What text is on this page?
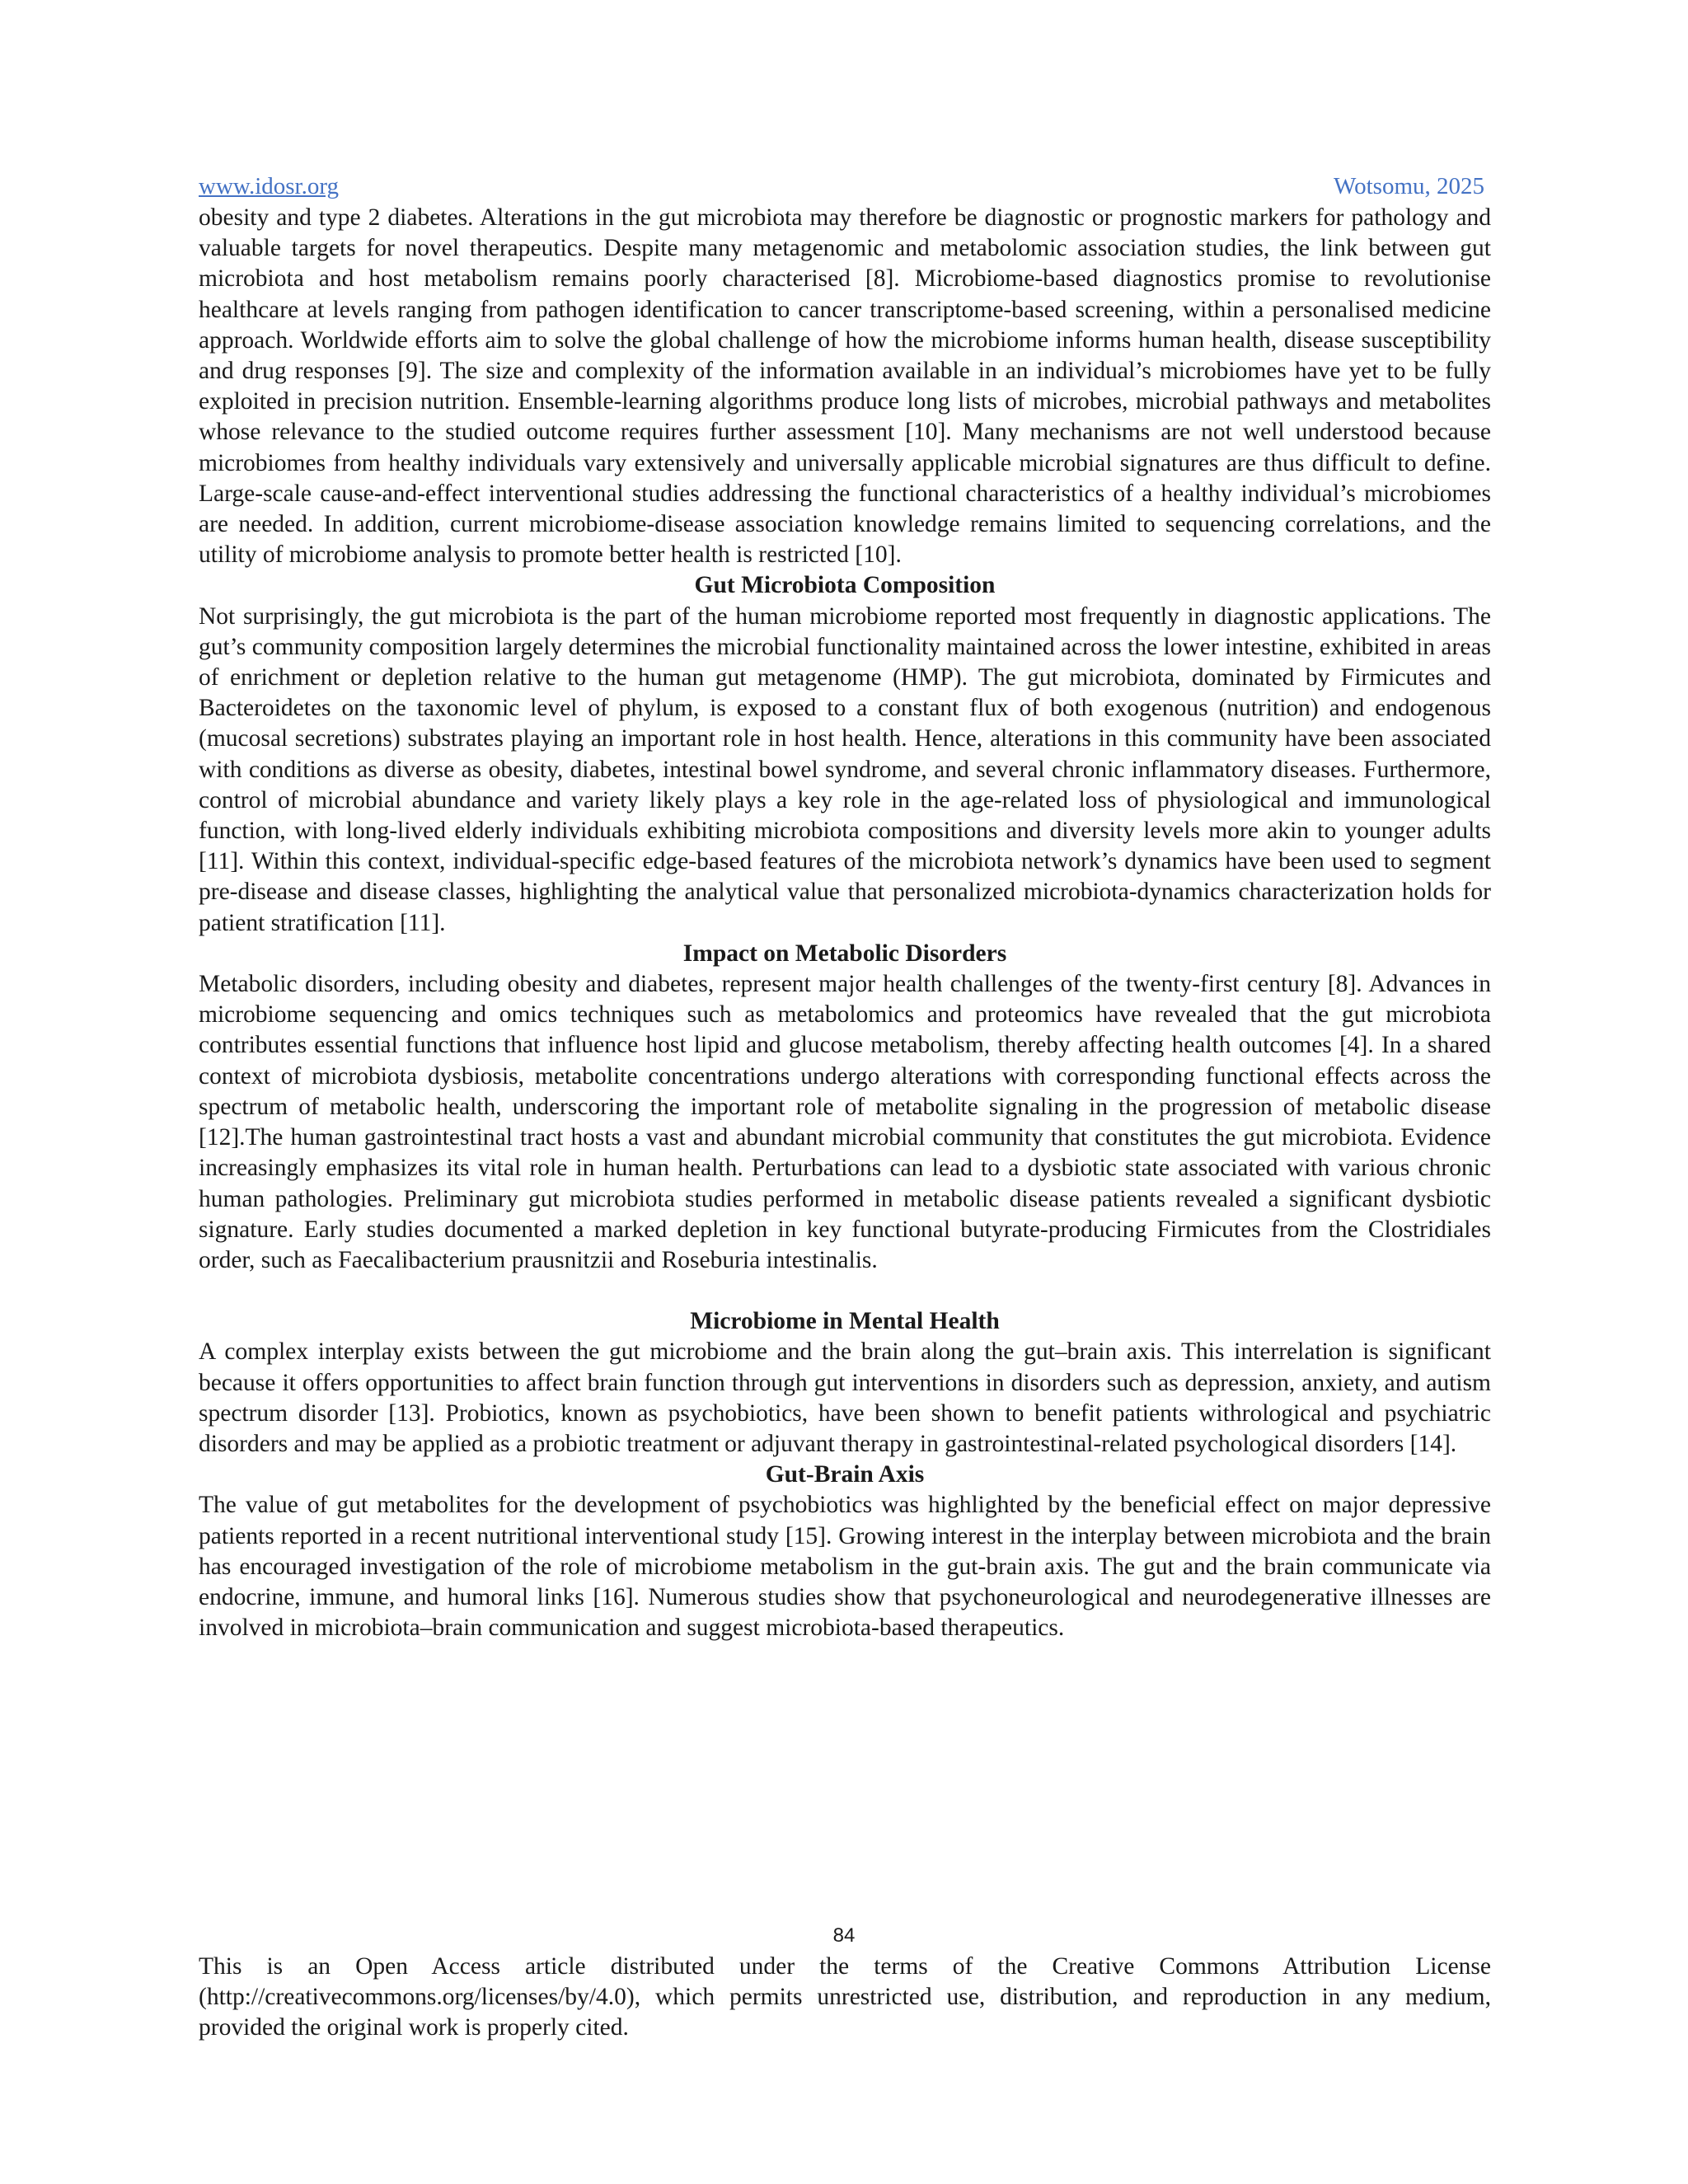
www.idosr.org	Wotsomu, 2025

obesity and type 2 diabetes. Alterations in the gut microbiota may therefore be diagnostic or prognostic markers for pathology and valuable targets for novel therapeutics. Despite many metagenomic and metabolomic association studies, the link between gut microbiota and host metabolism remains poorly characterised [8]. Microbiome-based diagnostics promise to revolutionise healthcare at levels ranging from pathogen identification to cancer transcriptome-based screening, within a personalised medicine approach. Worldwide efforts aim to solve the global challenge of how the microbiome informs human health, disease susceptibility and drug responses [9]. The size and complexity of the information available in an individual’s microbiomes have yet to be fully exploited in precision nutrition. Ensemble-learning algorithms produce long lists of microbes, microbial pathways and metabolites whose relevance to the studied outcome requires further assessment [10]. Many mechanisms are not well understood because microbiomes from healthy individuals vary extensively and universally applicable microbial signatures are thus difficult to define. Large-scale cause-and-effect interventional studies addressing the functional characteristics of a healthy individual’s microbiomes are needed. In addition, current microbiome-disease association knowledge remains limited to sequencing correlations, and the utility of microbiome analysis to promote better health is restricted [10].

Gut Microbiota Composition

Not surprisingly, the gut microbiota is the part of the human microbiome reported most frequently in diagnostic applications. The gut’s community composition largely determines the microbial functionality maintained across the lower intestine, exhibited in areas of enrichment or depletion relative to the human gut metagenome (HMP). The gut microbiota, dominated by Firmicutes and Bacteroidetes on the taxonomic level of phylum, is exposed to a constant flux of both exogenous (nutrition) and endogenous (mucosal secretions) substrates playing an important role in host health. Hence, alterations in this community have been associated with conditions as diverse as obesity, diabetes, intestinal bowel syndrome, and several chronic inflammatory diseases. Furthermore, control of microbial abundance and variety likely plays a key role in the age-related loss of physiological and immunological function, with long-lived elderly individuals exhibiting microbiota compositions and diversity levels more akin to younger adults [11]. Within this context, individual-specific edge-based features of the microbiota network’s dynamics have been used to segment pre-disease and disease classes, highlighting the analytical value that personalized microbiota-dynamics characterization holds for patient stratification [11].

Impact on Metabolic Disorders

Metabolic disorders, including obesity and diabetes, represent major health challenges of the twenty-first century [8]. Advances in microbiome sequencing and omics techniques such as metabolomics and proteomics have revealed that the gut microbiota contributes essential functions that influence host lipid and glucose metabolism, thereby affecting health outcomes [4]. In a shared context of microbiota dysbiosis, metabolite concentrations undergo alterations with corresponding functional effects across the spectrum of metabolic health, underscoring the important role of metabolite signaling in the progression of metabolic disease [12].The human gastrointestinal tract hosts a vast and abundant microbial community that constitutes the gut microbiota. Evidence increasingly emphasizes its vital role in human health. Perturbations can lead to a dysbiotic state associated with various chronic human pathologies. Preliminary gut microbiota studies performed in metabolic disease patients revealed a significant dysbiotic signature. Early studies documented a marked depletion in key functional butyrate-producing Firmicutes from the Clostridiales order, such as Faecalibacterium prausnitzii and Roseburia intestinalis.

Microbiome in Mental Health

A complex interplay exists between the gut microbiome and the brain along the gut–brain axis. This interrelation is significant because it offers opportunities to affect brain function through gut interventions in disorders such as depression, anxiety, and autism spectrum disorder [13]. Probiotics, known as psychobiotics, have been shown to benefit patients withrological and psychiatric disorders and may be applied as a probiotic treatment or adjuvant therapy in gastrointestinal-related psychological disorders [14].

Gut-Brain Axis

The value of gut metabolites for the development of psychobiotics was highlighted by the beneficial effect on major depressive patients reported in a recent nutritional interventional study [15]. Growing interest in the interplay between microbiota and the brain has encouraged investigation of the role of microbiome metabolism in the gut-brain axis. The gut and the brain communicate via endocrine, immune, and humoral links [16]. Numerous studies show that psychoneurological and neurodegenerative illnesses are involved in microbiota–brain communication and suggest microbiota-based therapeutics.

84

This is an Open Access article distributed under the terms of the Creative Commons Attribution License (http://creativecommons.org/licenses/by/4.0), which permits unrestricted use, distribution, and reproduction in any medium, provided the original work is properly cited.
